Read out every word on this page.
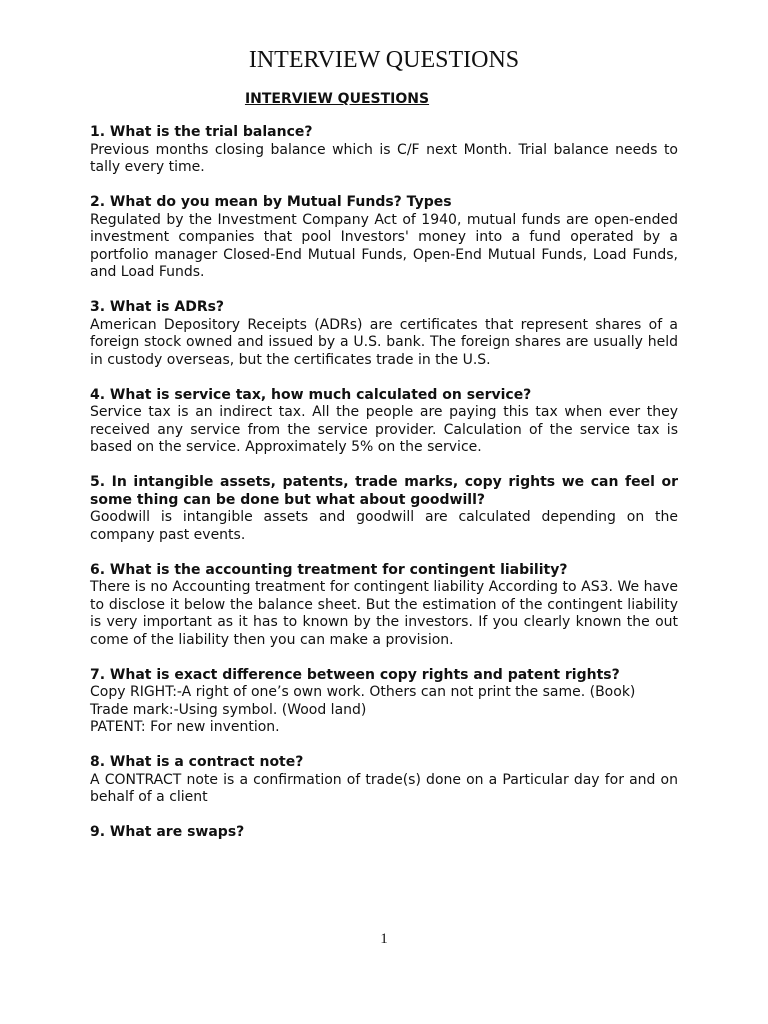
INTERVIEW QUESTIONS
INTERVIEW QUESTIONS

1. What is the trial balance?

Previous months closing balance which is C/F next Month. Trial balance needs to tally every time.

2. What do you mean by Mutual Funds? Types

Regulated by the Investment Company Act of 1940, mutual funds are open-ended investment companies that pool Investors' money into a fund operated by a portfolio manager Closed-End Mutual Funds, Open-End Mutual Funds, Load Funds, and Load Funds.

3. What is ADRs?

American Depository Receipts (ADRs) are certificates that represent shares of a foreign stock owned and issued by a U.S. bank. The foreign shares are usually held in custody overseas, but the certificates trade in the U.S.

4. What is service tax, how much calculated on service?

Service tax is an indirect tax. All the people are paying this tax when ever they received any service from the service provider. Calculation of the service tax is based on the service. Approximately 5% on the service.

5. In intangible assets, patents, trade marks, copy rights we can feel or some thing can be done but what about goodwill?

Goodwill is intangible assets and goodwill are calculated depending on the company past events.

6. What is the accounting treatment for contingent liability?

There is no Accounting treatment for contingent liability According to AS3. We have to disclose it below the balance sheet. But the estimation of the contingent liability is very important as it has to known by the investors. If you clearly known the out come of the liability then you can make a provision.

7. What is exact difference between copy rights and patent rights?

Copy RIGHT:-A right of one’s own work. Others can not print the same. (Book)

Trade mark:-Using symbol. (Wood land)

PATENT: For new invention.

8. What is a contract note?

A CONTRACT note is a confirmation of trade(s) done on a Particular day for and on behalf of a client

9. What are swaps?

1
